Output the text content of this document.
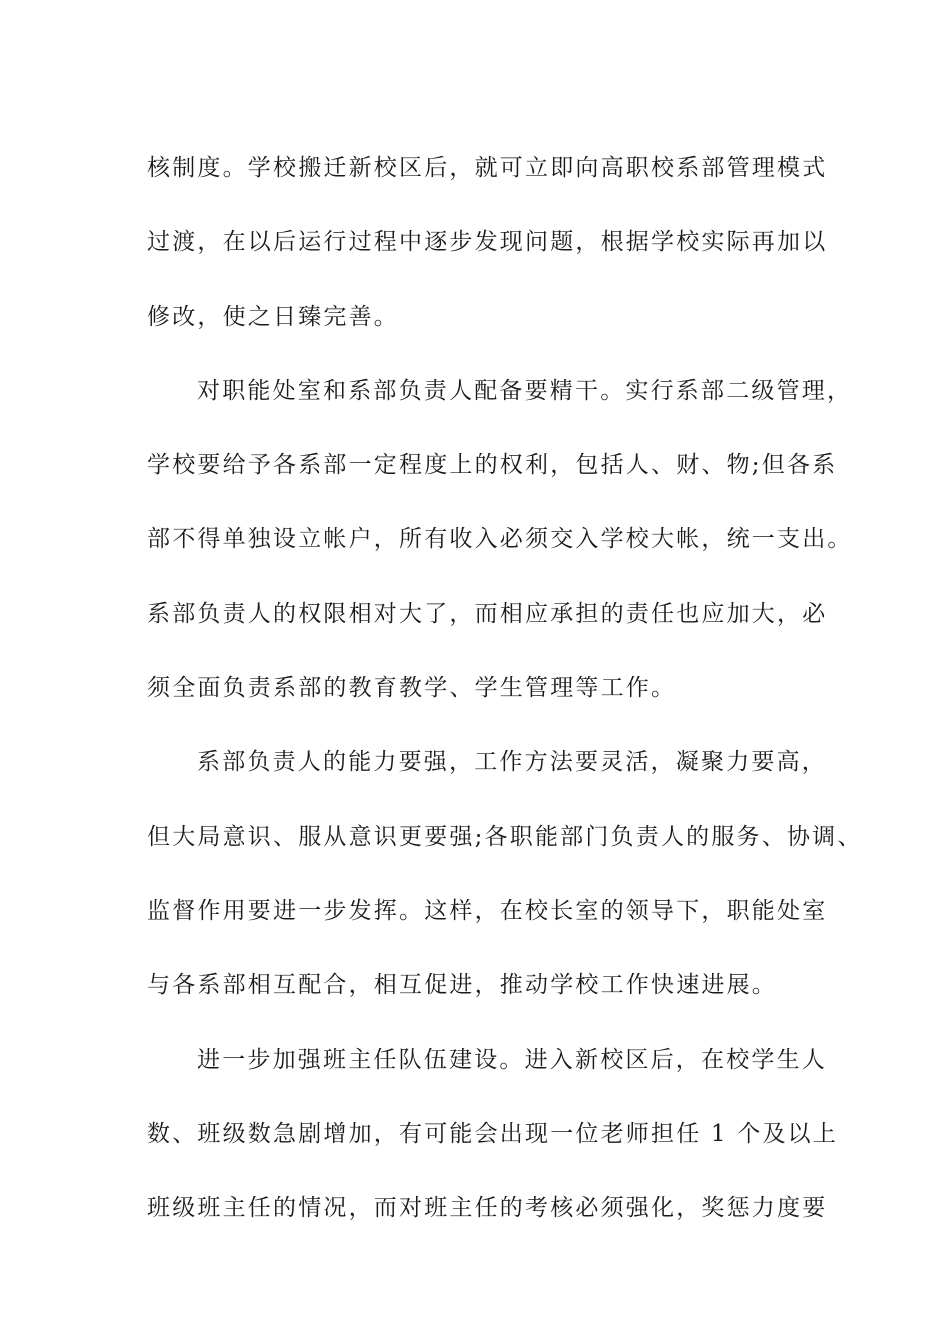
核制度。学校搬迁新校区后，就可立即向高职校系部管理模式
过渡，在以后运行过程中逐步发现问题，根据学校实际再加以
修改，使之日臻完善。
对职能处室和系部负责人配备要精干。实行系部二级管理，
学校要给予各系部一定程度上的权利，包括人、财、物;但各系
部不得单独设立帐户，所有收入必须交入学校大帐，统一支出。
系部负责人的权限相对大了，而相应承担的责任也应加大，必
须全面负责系部的教育教学、学生管理等工作。
系部负责人的能力要强，工作方法要灵活，凝聚力要高，
但大局意识、服从意识更要强;各职能部门负责人的服务、协调、
监督作用要进一步发挥。这样，在校长室的领导下，职能处室
与各系部相互配合，相互促进，推动学校工作快速进展。
进一步加强班主任队伍建设。进入新校区后，在校学生人
数、班级数急剧增加，有可能会出现一位老师担任 1 个及以上
班级班主任的情况，而对班主任的考核必须强化，奖惩力度要
